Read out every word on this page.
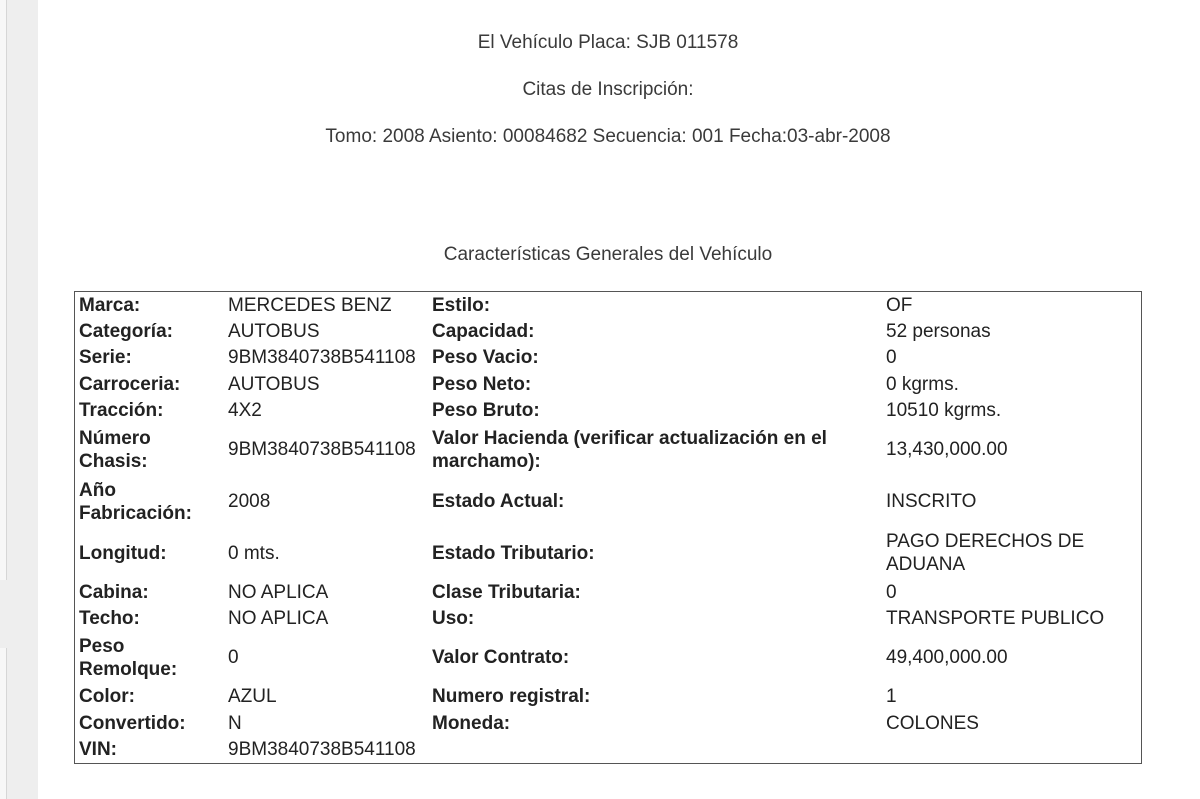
El Vehículo Placa: SJB 011578
Citas de Inscripción:
Tomo: 2008 Asiento: 00084682 Secuencia: 001 Fecha:03-abr-2008
Características Generales del Vehículo
Marca:	MERCEDES BENZ	Estilo:	OF
Categoría:	AUTOBUS	Capacidad:	52 personas
Serie:	9BM3840738B541108	Peso Vacio:	0
Carroceria:	AUTOBUS	Peso Neto:	0 kgrms.
Tracción:	4X2	Peso Bruto:	10510 kgrms.
Número Chasis:	9BM3840738B541108	Valor Hacienda (verificar actualización en el marchamo):	13,430,000.00
Año Fabricación:	2008	Estado Actual:	INSCRITO
Longitud:	0 mts.	Estado Tributario:	PAGO DERECHOS DE ADUANA
Cabina:	NO APLICA	Clase Tributaria:	0
Techo:	NO APLICA	Uso:	TRANSPORTE PUBLICO
Peso Remolque:	0	Valor Contrato:	49,400,000.00
Color:	AZUL	Numero registral:	1
Convertido:	N	Moneda:	COLONES
VIN:	9BM3840738B541108		
